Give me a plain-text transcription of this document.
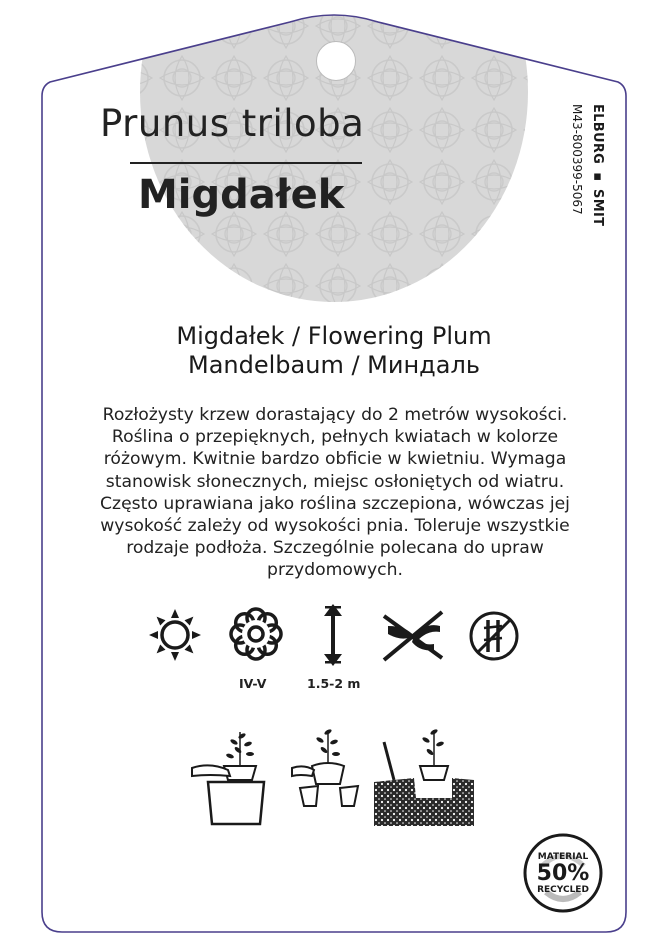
Prunus triloba
Migdałek	ELBURG ▪ SMIT
M43-800399-5067
Migdałek / Flowering Plum
Mandelbaum / Миндаль
Rozłożysty krzew dorastający do 2 metrów wysokości. Roślina o przepięknych, pełnych kwiatach w kolorze różowym. Kwitnie bardzo obficie w kwietniu. Wymaga stanowisk słonecznych, miejsc osłoniętych od wiatru. Często uprawiana jako roślina szczepiona, wówczas jej wysokość zależy od wysokości pnia. Toleruje wszystkie rodzaje podłoża. Szczególnie polecana do upraw przydomowych.
IV-V	1.5-2 m
MATERIAL
50%
RECYCLED
